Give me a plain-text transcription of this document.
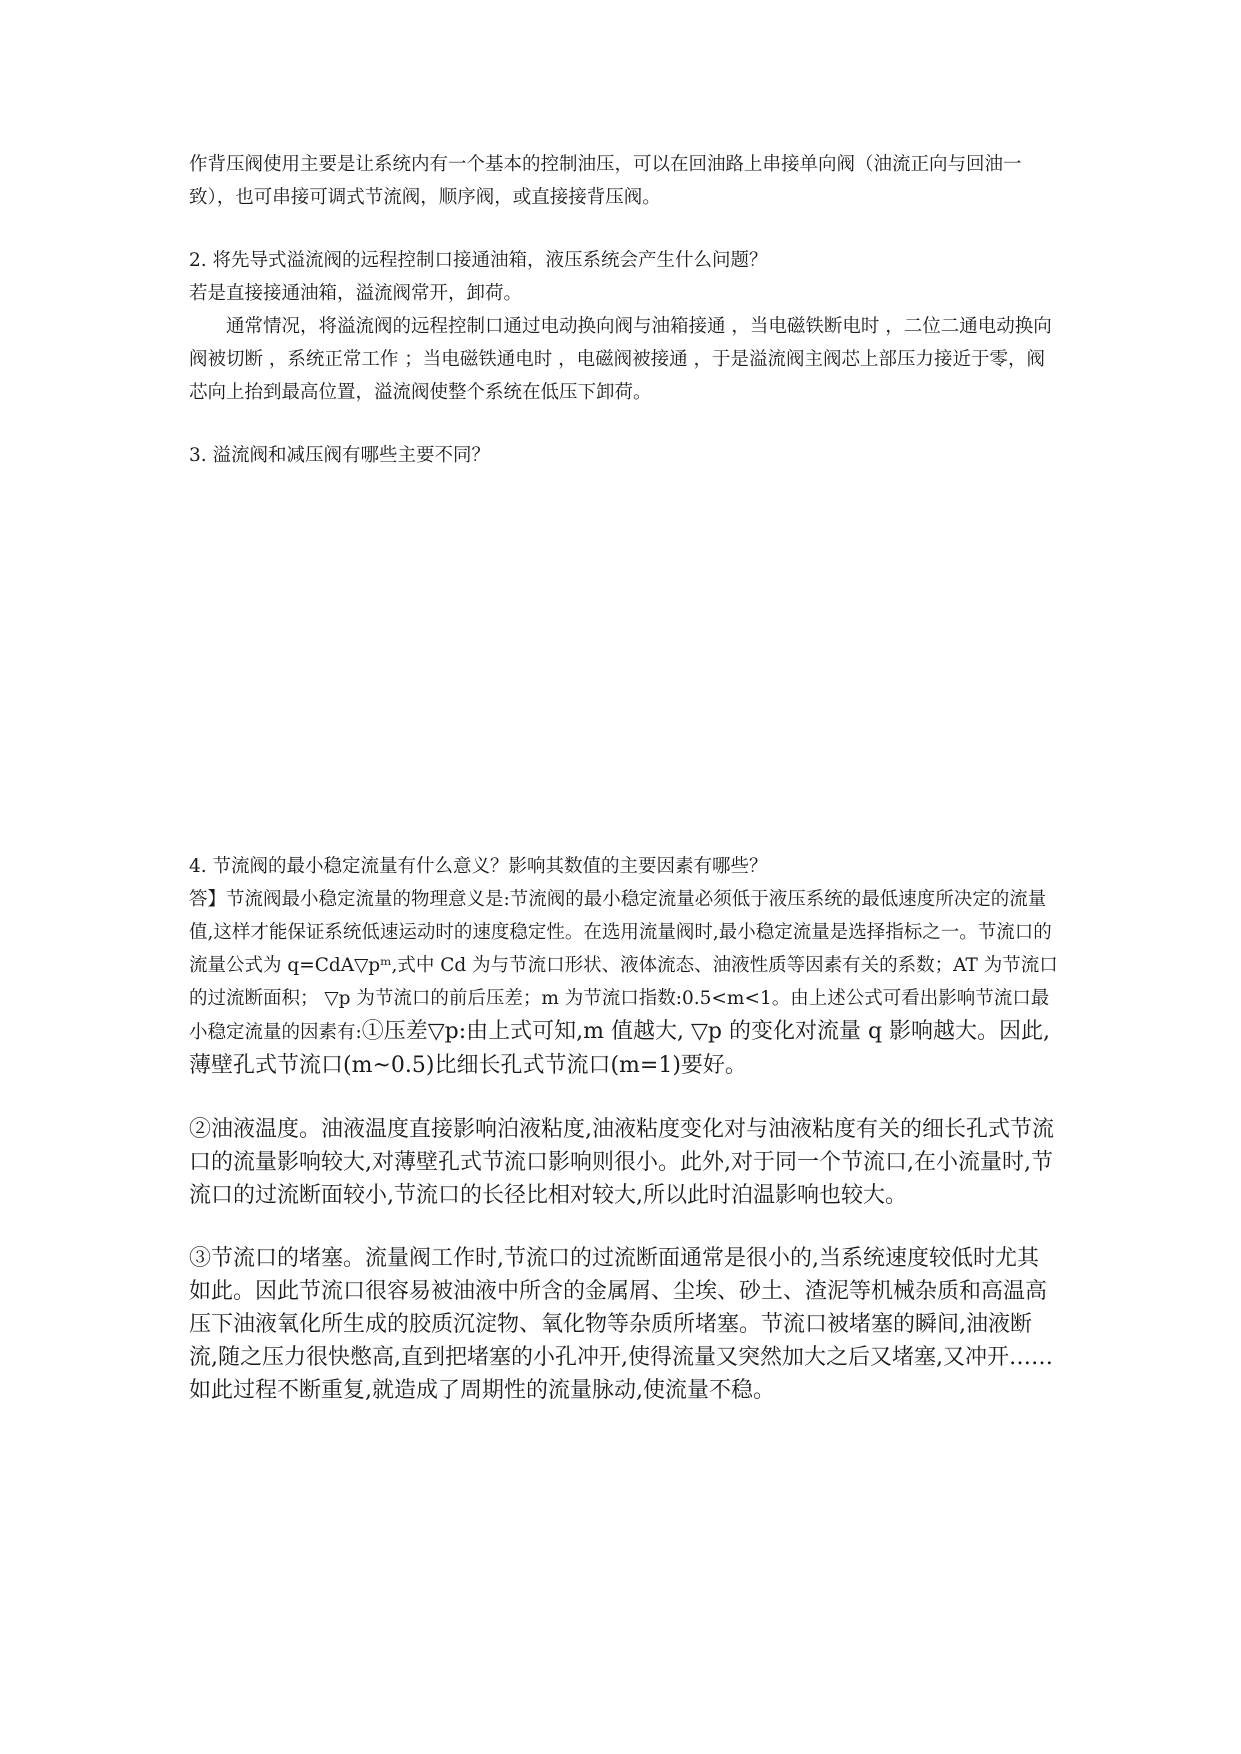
作背压阀使用主要是让系统内有一个基本的控制油压，可以在回油路上串接单向阀（油流正向与回油一致），也可串接可调式节流阀，顺序阀，或直接接背压阀。

2. 将先导式溢流阀的远程控制口接通油箱，液压系统会产生什么问题？

若是直接接通油箱，溢流阀常开，卸荷。

通常情况，将溢流阀的远程控制口通过电动换向阀与油箱接通 ，当电磁铁断电时 ，二位二通电动换向阀被切断 ，系统正常工作 ；当电磁铁通电时 ，电磁阀被接通 ，于是溢流阀主阀芯上部压力接近于零，阀芯向上抬到最高位置，溢流阀使整个系统在低压下卸荷。

3. 溢流阀和减压阀有哪些主要不同？

4. 节流阀的最小稳定流量有什么意义？影响其数值的主要因素有哪些？

答】节流阀最小稳定流量的物理意义是:节流阀的最小稳定流量必须低于液压系统的最低速度所决定的流量值,这样才能保证系统低速运动时的速度稳定性。在选用流量阀时,最小稳定流量是选择指标之一。节流口的流量公式为 q=CdA▽pᵐ,式中 Cd 为与节流口形状、液体流态、油液性质等因素有关的系数；AT 为节流口的过流断面积； ▽p 为节流口的前后压差；m 为节流口指数:0.5<m<1。由上述公式可看出影响节流口最小稳定流量的因素有:①压差▽p:由上式可知,m 值越大, ▽p 的变化对流量 q 影响越大。因此,薄壁孔式节流口(m~0.5)比细长孔式节流口(m=1)要好。

②油液温度。油液温度直接影响泊液粘度,油液粘度变化对与油液粘度有关的细长孔式节流口的流量影响较大,对薄壁孔式节流口影响则很小。此外,对于同一个节流口,在小流量时,节流口的过流断面较小,节流口的长径比相对较大,所以此时泊温影响也较大。

③节流口的堵塞。流量阀工作时,节流口的过流断面通常是很小的,当系统速度较低时尤其如此。因此节流口很容易被油液中所含的金属屑、尘埃、砂土、渣泥等机械杂质和高温高压下油液氧化所生成的胶质沉淀物、氧化物等杂质所堵塞。节流口被堵塞的瞬间,油液断流,随之压力很快憋高,直到把堵塞的小孔冲开,使得流量又突然加大之后又堵塞,又冲开……如此过程不断重复,就造成了周期性的流量脉动,使流量不稳。
